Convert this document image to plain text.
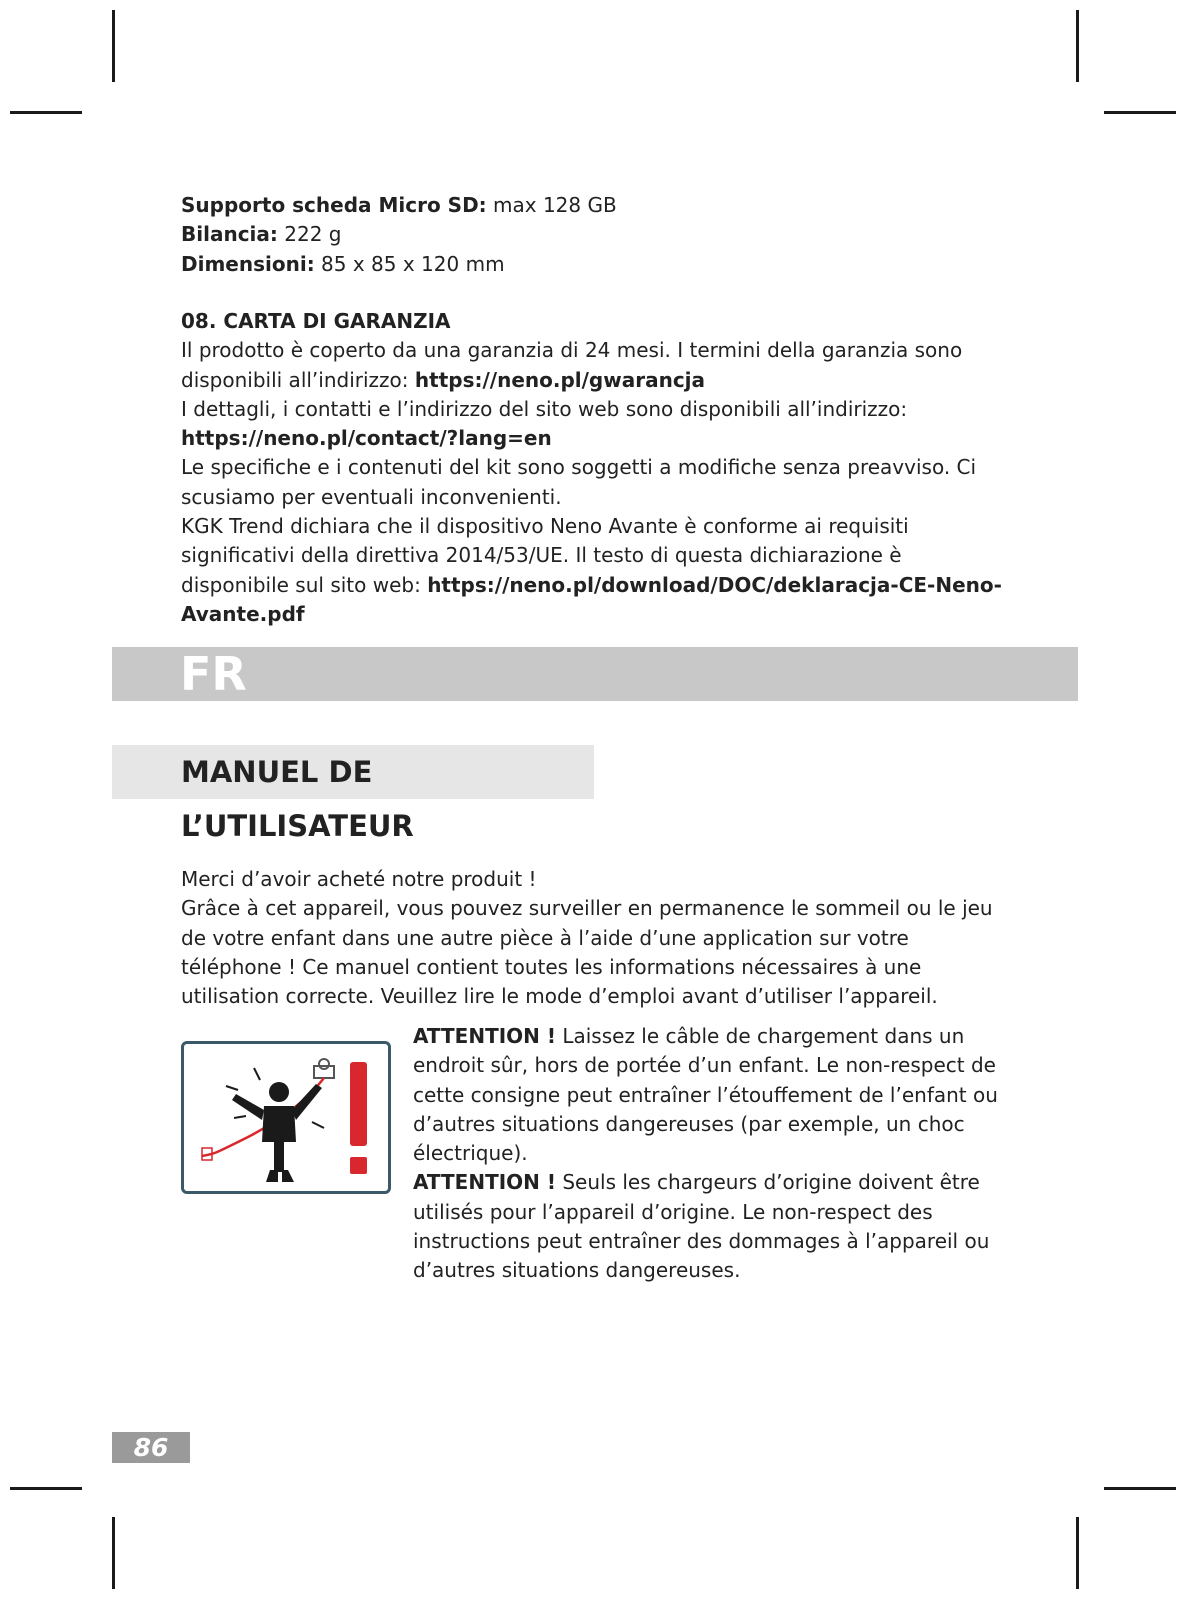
Supporto scheda Micro SD: max 128 GB
Bilancia: 222 g
Dimensioni: 85 x 85 x 120 mm
08. CARTA DI GARANZIA
Il prodotto è coperto da una garanzia di 24 mesi. I termini della garanzia sono disponibili all’indirizzo: https://neno.pl/gwarancja
I dettagli, i contatti e l’indirizzo del sito web sono disponibili all’indirizzo: https://neno.pl/contact/?lang=en
Le specifiche e i contenuti del kit sono soggetti a modifiche senza preavviso. Ci scusiamo per eventuali inconvenienti.
KGK Trend dichiara che il dispositivo Neno Avante è conforme ai requisiti significativi della direttiva 2014/53/UE. Il testo di questa dichiarazione è disponibile sul sito web: https://neno.pl/download/DOC/deklaracja-CE-Neno-Avante.pdf
FR
MANUEL DE L’UTILISATEUR
Merci d’avoir acheté notre produit !
Grâce à cet appareil, vous pouvez surveiller en permanence le sommeil ou le jeu de votre enfant dans une autre pièce à l’aide d’une application sur votre téléphone ! Ce manuel contient toutes les informations nécessaires à une utilisation correcte. Veuillez lire le mode d’emploi avant d’utiliser l’appareil.
ATTENTION ! Laissez le câble de chargement dans un endroit sûr, hors de portée d’un enfant. Le non-respect de cette consigne peut entraîner l’étouffement de l’enfant ou d’autres situations dangereuses (par exemple, un choc électrique).
ATTENTION ! Seuls les chargeurs d’origine doivent être utilisés pour l’appareil d’origine. Le non-respect des instructions peut entraîner des dommages à l’appareil ou d’autres situations dangereuses.
86
